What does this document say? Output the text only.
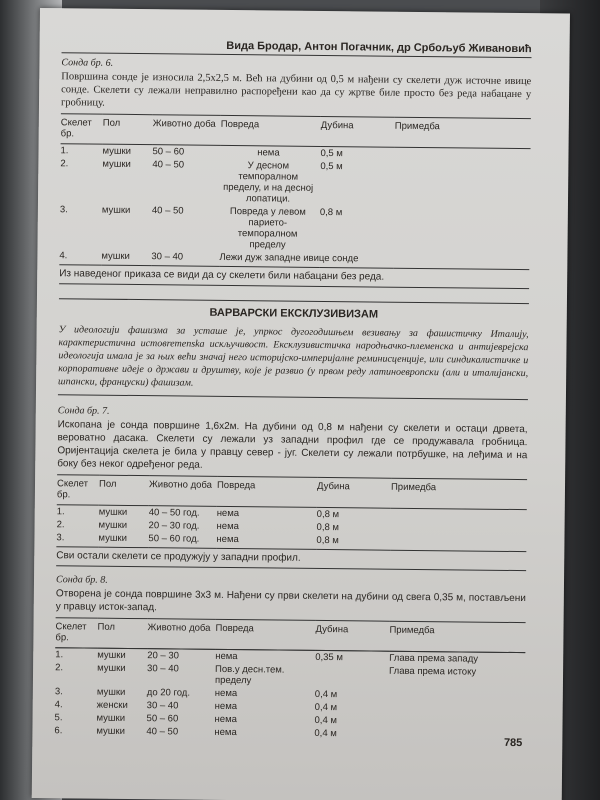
Вида Бродар, Антон Погачник, др Србољуб Живановић
Сонда бр. 6.

Површина сонде је износила 2,5х2,5 м. Већ на дубини од 0,5 м нађени су скелети дуж источне ивице сонде. Скелети су лежали неправилно распоређени као да су жртве биле просто без реда набацане у гробницу.

Скелет бр.	Пол	Животно доба	Повреда	Дубина	Примедба
1.	мушки	50 – 60	нема	0,5 м	
2.	мушки	40 – 50	У десном темпоралном пределу, и на десној лопатици.	0,5 м	
3.	мушки	40 – 50	Повреда у левом парието-темпоралном пределу	0,8 м	
4.	мушки	30 – 40	Лежи дуж западне ивице сонде		
Из наведеног приказа се види да су скелети били набацани без реда.
ВАРВАРСКИ ЕКСКЛУЗИВИЗАМ
У идеологији фашизма за усташе је, упркос дугогодишњем везивању за фашистичку Италију, карактеристична истовremenska искључивост. Ексклузивистичка народњачко-племенска и антијеврејска идеологија имала је за њих већи значај него историјско-империјалне реминисценције, или синдикалистичке и корпоративне идеје о држави и друштву, које је развио (у првом реду латиноевропски (али и италијански, шпански, француски) фашизам.
Сонда бр. 7.

Ископана је сонда површине 1,6х2м. На дубини од 0,8 м нађени су скелети и остаци дрвета, вероватно дасака. Скелети су лежали уз западни профил где се продужавала гробница. Оријентација скелета је била у правцу север - југ. Скелети су лежали потрбушке, на леђима и на боку без неког одређеног реда.

Скелет бр.	Пол	Животно доба	Повреда	Дубина	Примедба
1.	мушки	40 – 50 год.	нема	0,8 м	
2.	мушки	20 – 30 год.	нема	0,8 м	
3.	мушки	50 – 60 год.	нема	0,8 м	
Сви остали скелети се продужују у западни профил.
Сонда бр. 8.

Отворена је сонда површине 3х3 м. Нађени су први скелети на дубини од свега 0,35 м, постављени у правцу исток-запад.

Скелет бр.	Пол	Животно доба	Повреда	Дубина	Примедба
1.	мушки	20 – 30	нема	0,35 м	Глава према западу
2.	мушки	30 – 40	Пов.у десн.тем. пределу		Глава према истоку
3.	мушки	до 20 год.	нема	0,4 м	
4.	женски	30 – 40	нема	0,4 м	
5.	мушки	50 – 60	нема	0,4 м	
6.	мушки	40 – 50	нема	0,4 м	
785
